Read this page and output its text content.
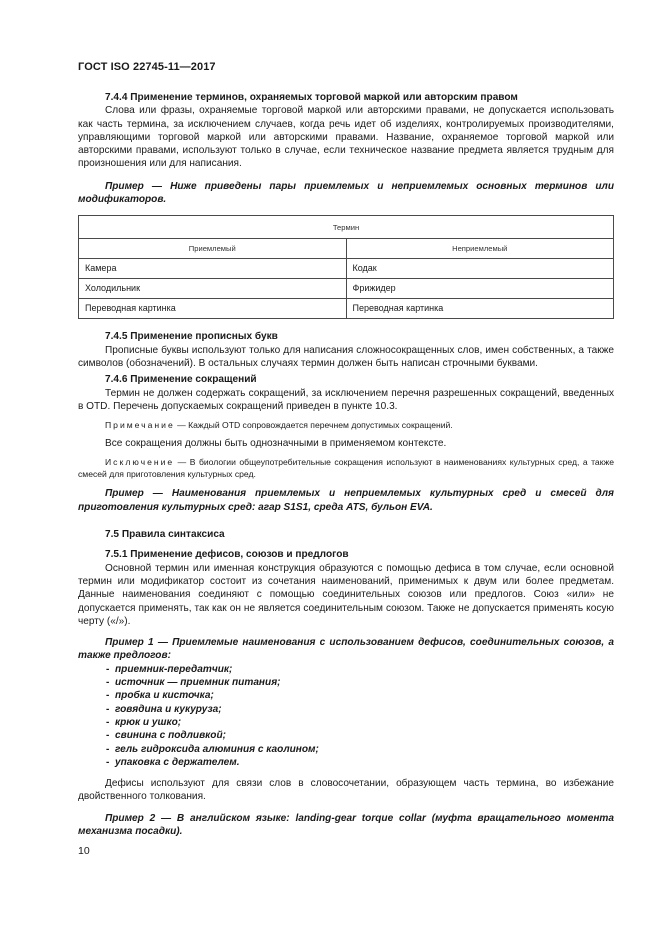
ГОСТ ISO 22745-11—2017

7.4.4 Применение терминов, охраняемых торговой маркой или авторским правом

Слова или фразы, охраняемые торговой маркой или авторскими правами, не допускается использовать как часть термина, за исключением случаев, когда речь идет об изделиях, контролируемых производителями, управляющими торговой маркой или авторскими правами. Название, охраняемое торговой маркой или авторскими правами, используют только в случае, если техническое название предмета является трудным для произношения или для написания.

Пример — Ниже приведены пары приемлемых и неприемлемых основных терминов или модификаторов.

Термин	
Приемлемый	Неприемлемый
Камера	Кодак
Холодильник	Фрижидер
Переводная картинка	Переводная картинка

7.4.5 Применение прописных букв

Прописные буквы используют только для написания сложносокращенных слов, имен собственных, а также символов (обозначений). В остальных случаях термин должен быть написан строчными буквами.

7.4.6 Применение сокращений

Термин не должен содержать сокращений, за исключением перечня разрешенных сокращений, введенных в OTD. Перечень допускаемых сокращений приведен в пункте 10.3.

Примечание — Каждый OTD сопровождается перечнем допустимых сокращений.

Все сокращения должны быть однозначными в применяемом контексте.

Исключение — В биологии общеупотребительные сокращения используют в наименованиях культурных сред, а также смесей для приготовления культурных сред.

Пример — Наименования приемлемых и неприемлемых культурных сред и смесей для приготовления культурных сред: агар S1S1, среда ATS, бульон EVA.

7.5 Правила синтаксиса

7.5.1 Применение дефисов, союзов и предлогов

Основной термин или именная конструкция образуются с помощью дефиса в том случае, если основной термин или модификатор состоит из сочетания наименований, применимых к двум или более предметам. Данные наименования соединяют с помощью соединительных союзов или предлогов. Союз «или» не допускается применять, так как он не является соединительным союзом. Также не допускается применять косую черту («/»).

Пример 1 — Приемлемые наименования с использованием дефисов, соединительных союзов, а также предлогов:

- приемник-передатчик;
- источник — приемник питания;
- пробка и кисточка;
- говядина и кукуруза;
- крюк и ушко;
- свинина с подливкой;
- гель гидроксида алюминия с каолином;
- упаковка с держателем.

Дефисы используют для связи слов в словосочетании, образующем часть термина, во избежание двойственного толкования.

Пример 2 — В английском языке: landing-gear torque collar (муфта вращательного момента механизма посадки).

10
